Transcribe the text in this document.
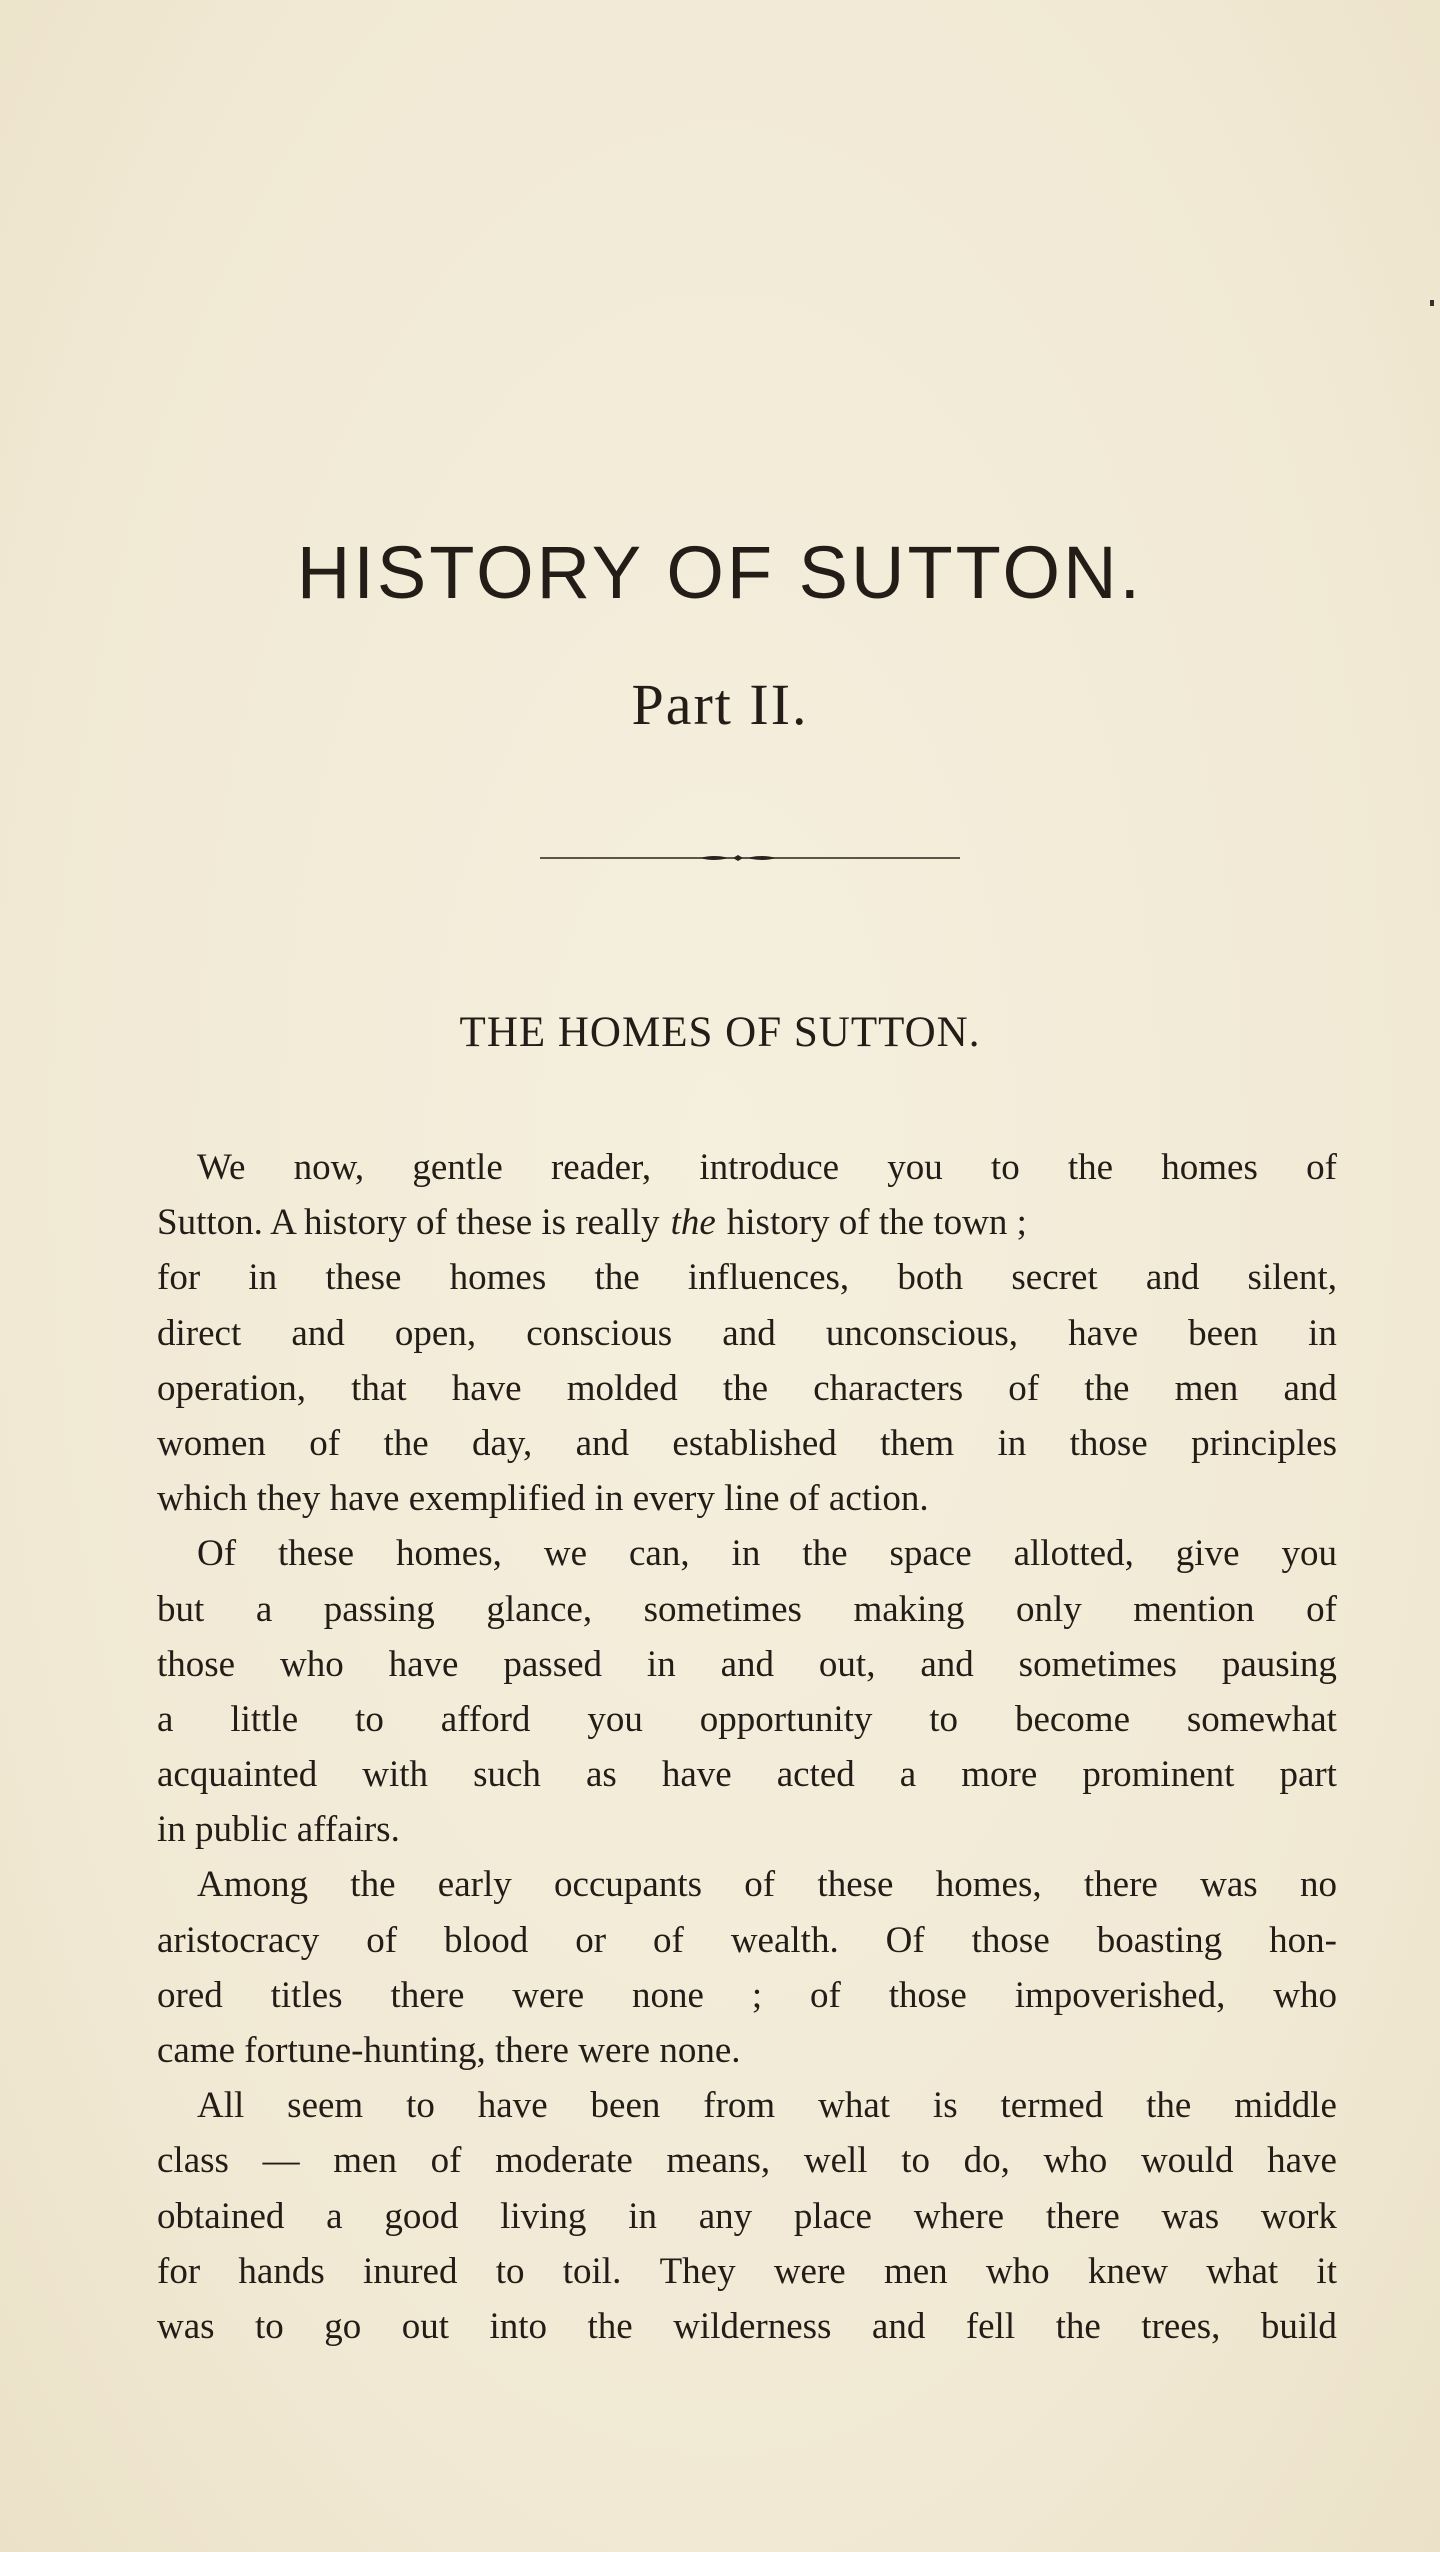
HISTORY OF SUTTON.
Part II.
THE HOMES OF SUTTON.
We now, gentle reader, introduce you to the homes of
Sutton. A history of these is really the history of the town ;
for in these homes the influences, both secret and silent,
direct and open, conscious and unconscious, have been in
operation, that have molded the characters of the men and
women of the day, and established them in those principles
which they have exemplified in every line of action.
Of these homes, we can, in the space allotted, give you
but a passing glance, sometimes making only mention of
those who have passed in and out, and sometimes pausing
a little to afford you opportunity to become somewhat
acquainted with such as have acted a more prominent part
in public affairs.
Among the early occupants of these homes, there was no
aristocracy of blood or of wealth. Of those boasting hon-
ored titles there were none ; of those impoverished, who
came fortune-hunting, there were none.
All seem to have been from what is termed the middle
class — men of moderate means, well to do, who would have
obtained a good living in any place where there was work
for hands inured to toil. They were men who knew what it
was to go out into the wilderness and fell the trees, build
